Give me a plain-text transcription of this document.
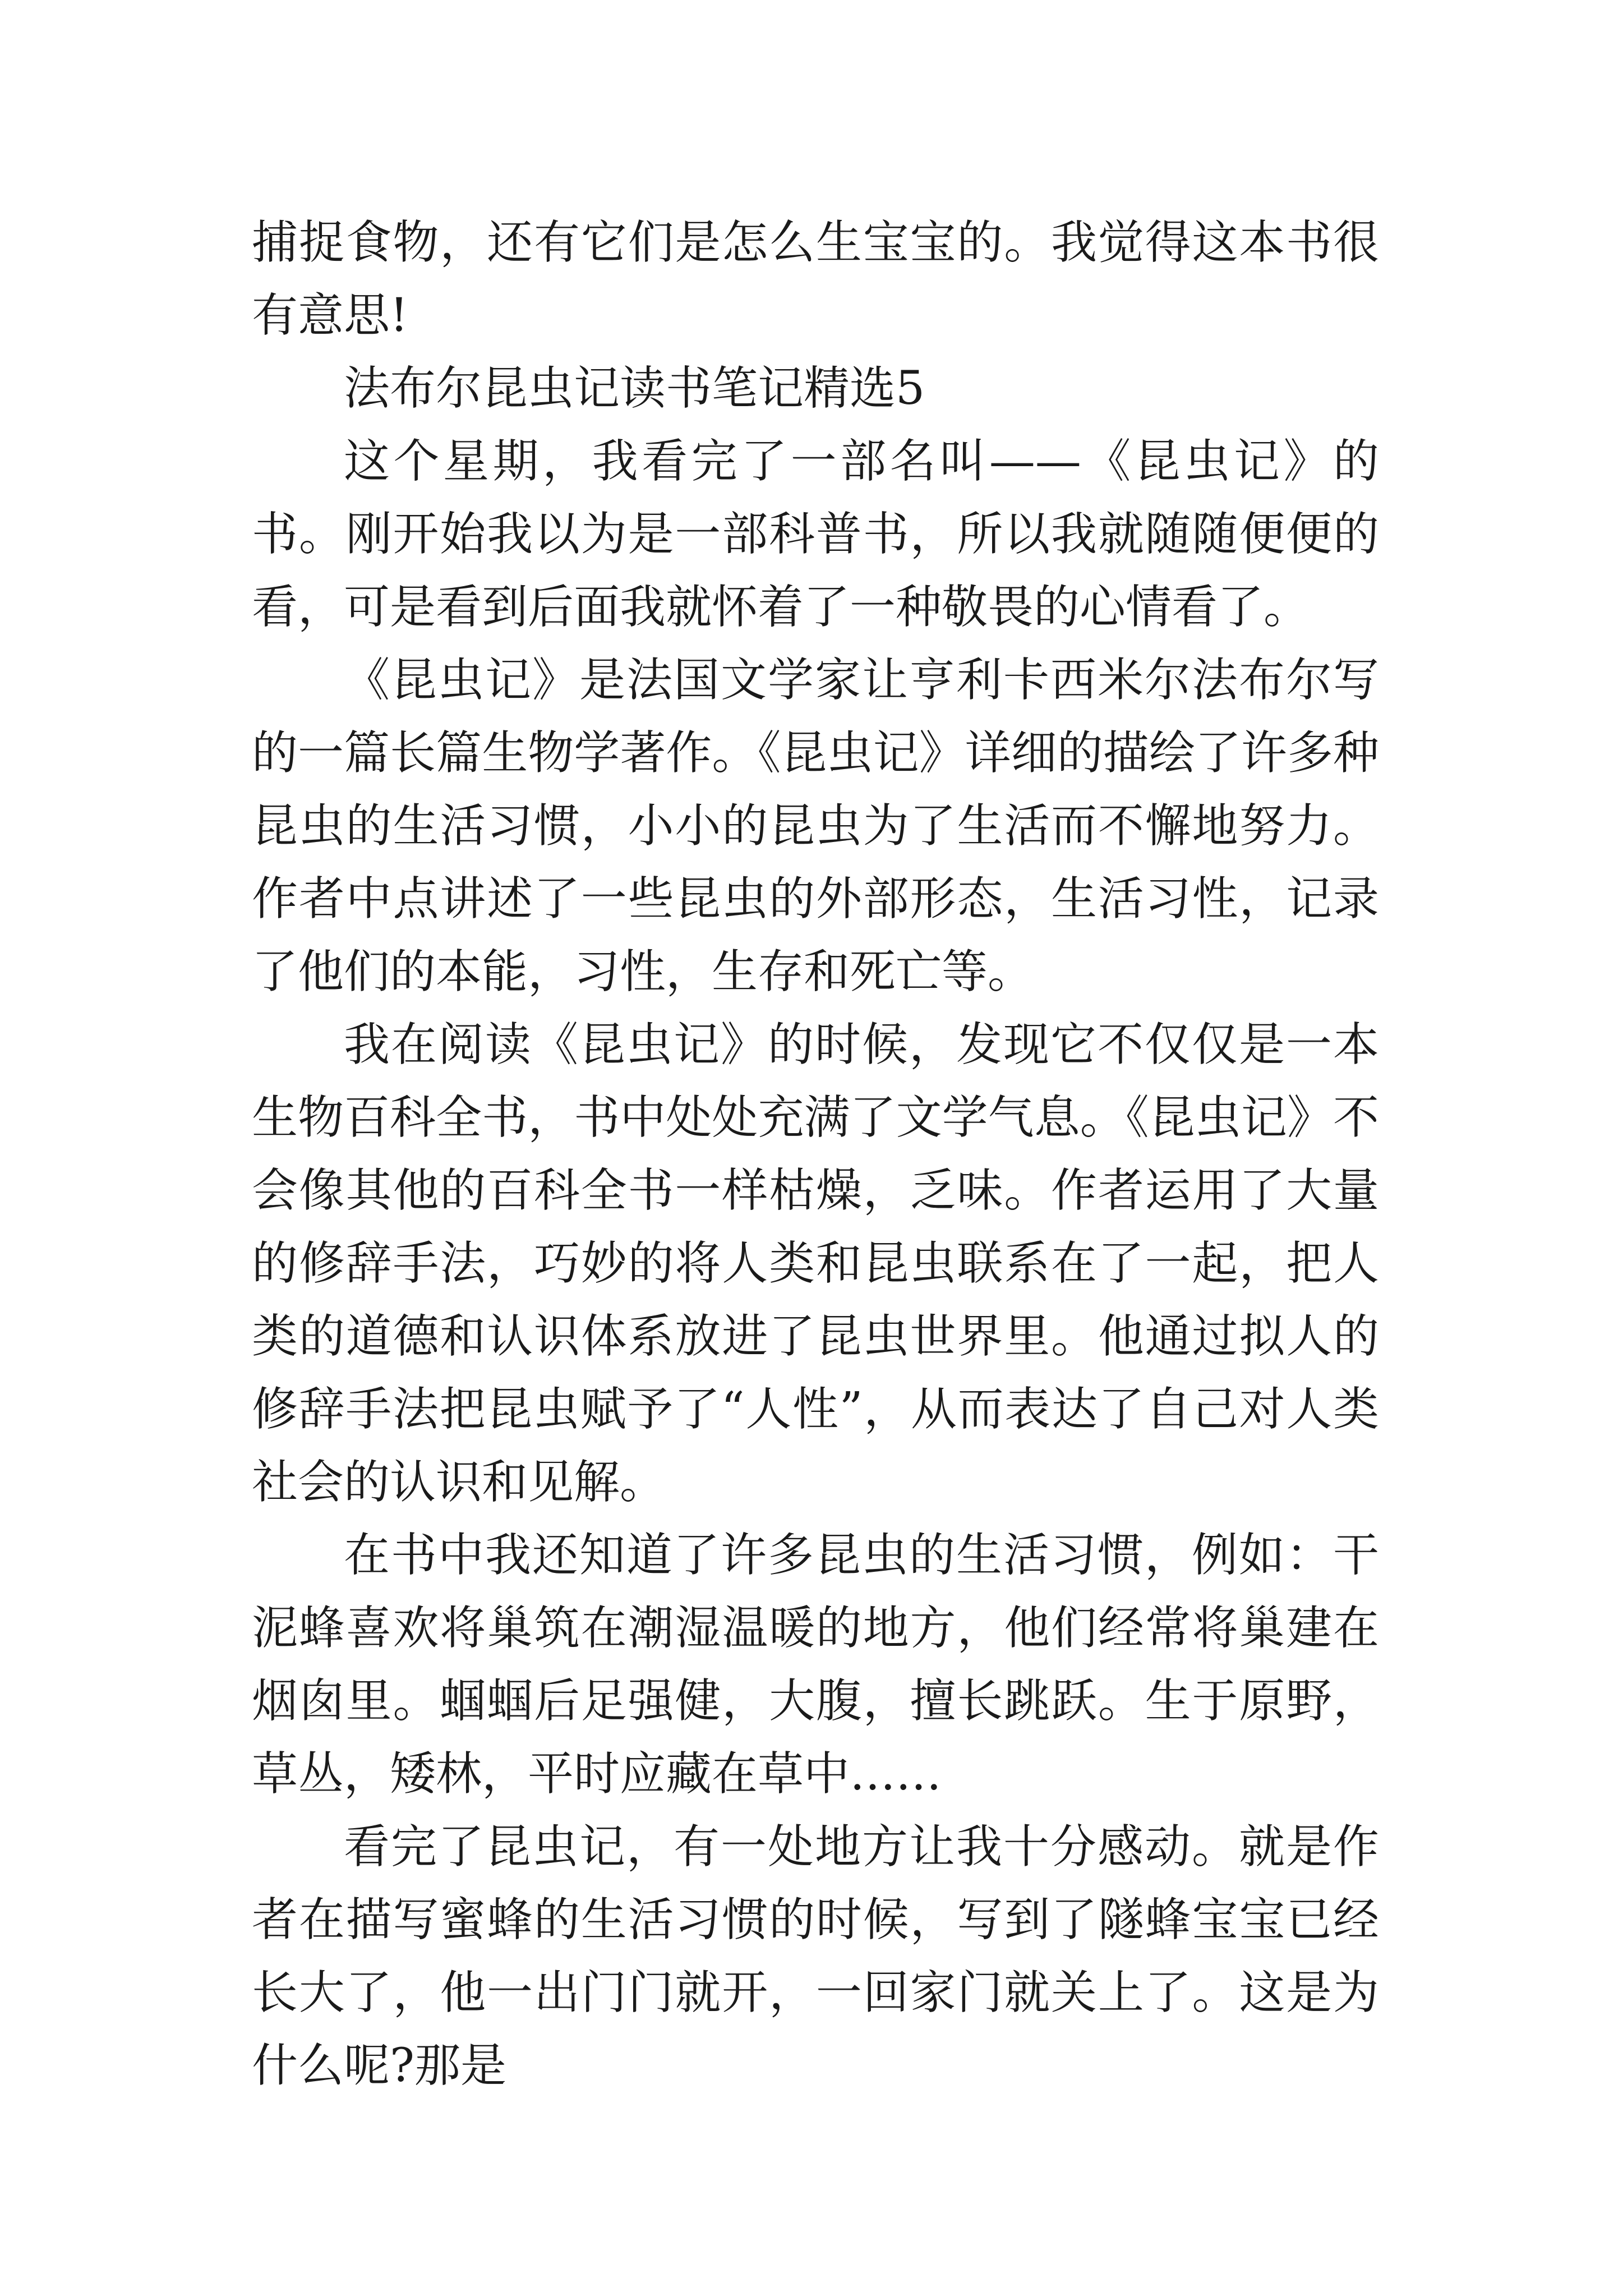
捕捉食物，还有它们是怎么生宝宝的。我觉得这本书很有意思!

法布尔昆虫记读书笔记精选5

这个星期，我看完了一部名叫——《昆虫记》的书。刚开始我以为是一部科普书，所以我就随随便便的看，可是看到后面我就怀着了一种敬畏的心情看了。

《昆虫记》是法国文学家让亨利卡西米尔法布尔写的一篇长篇生物学著作。《昆虫记》详细的描绘了许多种昆虫的生活习惯，小小的昆虫为了生活而不懈地努力。作者中点讲述了一些昆虫的外部形态，生活习性，记录了他们的本能，习性，生存和死亡等。

我在阅读《昆虫记》的时候，发现它不仅仅是一本生物百科全书，书中处处充满了文学气息。《昆虫记》不会像其他的百科全书一样枯燥，乏味。作者运用了大量的修辞手法，巧妙的将人类和昆虫联系在了一起，把人类的道德和认识体系放进了昆虫世界里。他通过拟人的修辞手法把昆虫赋予了“人性”，从而表达了自己对人类社会的认识和见解。

在书中我还知道了许多昆虫的生活习惯，例如：干泥蜂喜欢将巢筑在潮湿温暖的地方，他们经常将巢建在烟囱里。蝈蝈后足强健，大腹，擅长跳跃。生于原野，草丛，矮林，平时应藏在草中……

看完了昆虫记，有一处地方让我十分感动。就是作者在描写蜜蜂的生活习惯的时候，写到了隧蜂宝宝已经长大了，他一出门门就开，一回家门就关上了。这是为什么呢?那是
